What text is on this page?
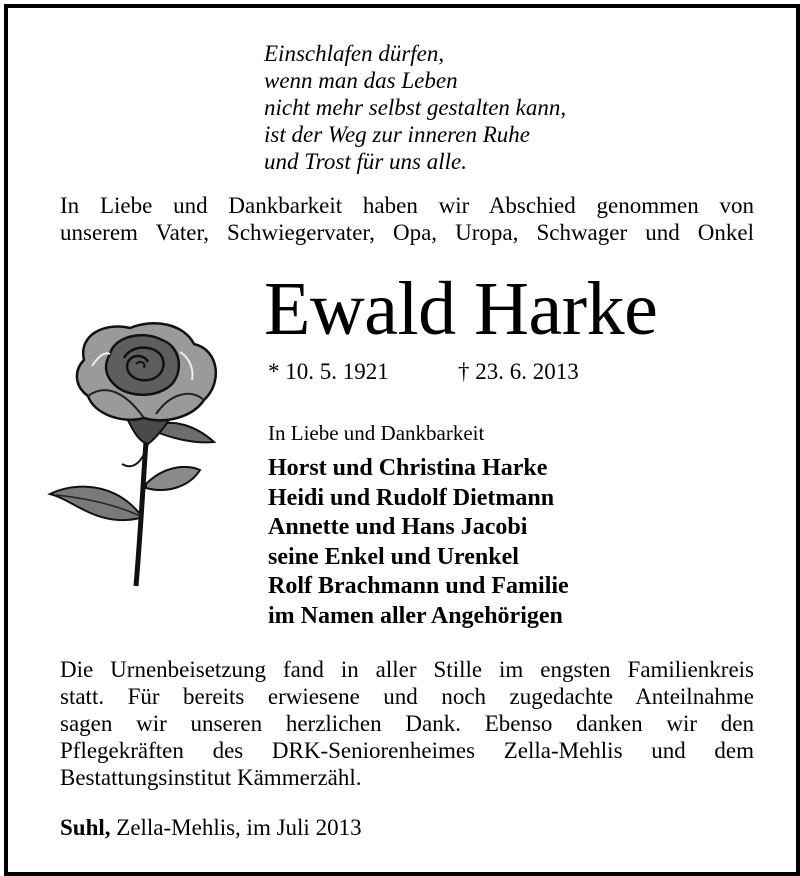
Einschlafen dürfen,
wenn man das Leben
nicht mehr selbst gestalten kann,
ist der Weg zur inneren Ruhe
und Trost für uns alle.
In Liebe und Dankbarkeit haben wir Abschied genommen von
unserem Vater, Schwiegervater, Opa, Uropa, Schwager und Onkel
Ewald Harke
* 10. 5. 1921	† 23. 6. 2013
In Liebe und Dankbarkeit
Horst und Christina Harke
Heidi und Rudolf Dietmann
Annette und Hans Jacobi
seine Enkel und Urenkel
Rolf Brachmann und Familie
im Namen aller Angehörigen
Die Urnenbeisetzung fand in aller Stille im engsten Familienkreis
statt. Für bereits erwiesene und noch zugedachte Anteilnahme
sagen wir unseren herzlichen Dank. Ebenso danken wir den
Pflegekräften des DRK-Seniorenheimes Zella-Mehlis und dem
Bestattungsinstitut Kämmerzähl.
Suhl, Zella-Mehlis, im Juli 2013
